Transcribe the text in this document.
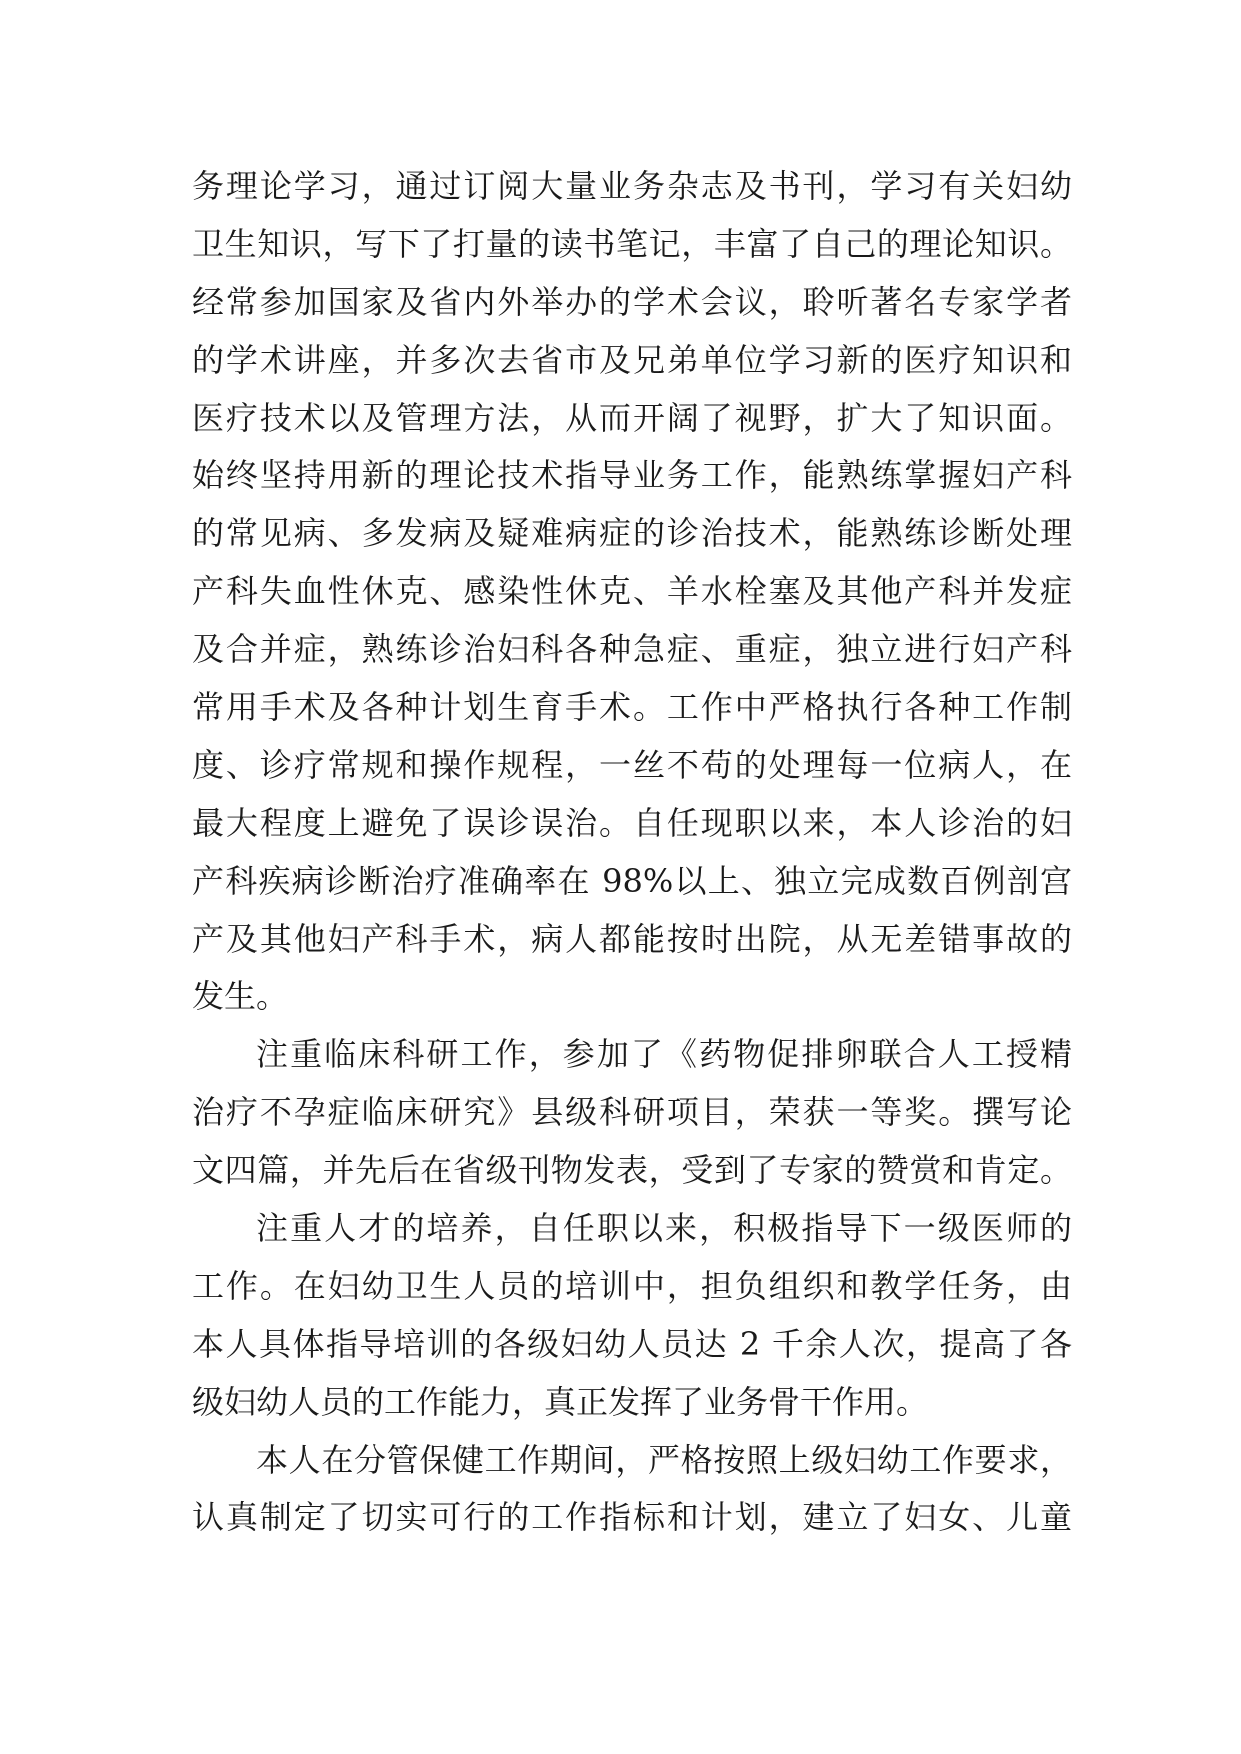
务理论学习，通过订阅大量业务杂志及书刊，学习有关妇幼
卫生知识，写下了打量的读书笔记，丰富了自己的理论知识。
经常参加国家及省内外举办的学术会议，聆听著名专家学者
的学术讲座，并多次去省市及兄弟单位学习新的医疗知识和
医疗技术以及管理方法，从而开阔了视野，扩大了知识面。
始终坚持用新的理论技术指导业务工作，能熟练掌握妇产科
的常见病、多发病及疑难病症的诊治技术，能熟练诊断处理
产科失血性休克、感染性休克、羊水栓塞及其他产科并发症
及合并症，熟练诊治妇科各种急症、重症，独立进行妇产科
常用手术及各种计划生育手术。工作中严格执行各种工作制
度、诊疗常规和操作规程，一丝不苟的处理每一位病人，在
最大程度上避免了误诊误治。自任现职以来，本人诊治的妇
产科疾病诊断治疗准确率在 98%以上、独立完成数百例剖宫
产及其他妇产科手术，病人都能按时出院，从无差错事故的
发生。
注重临床科研工作，参加了《药物促排卵联合人工授精
治疗不孕症临床研究》县级科研项目，荣获一等奖。撰写论
文四篇，并先后在省级刊物发表，受到了专家的赞赏和肯定。
注重人才的培养，自任职以来，积极指导下一级医师的
工作。在妇幼卫生人员的培训中，担负组织和教学任务，由
本人具体指导培训的各级妇幼人员达 2 千余人次，提高了各
级妇幼人员的工作能力，真正发挥了业务骨干作用。
本人在分管保健工作期间，严格按照上级妇幼工作要求，
认真制定了切实可行的工作指标和计划，建立了妇女、儿童
